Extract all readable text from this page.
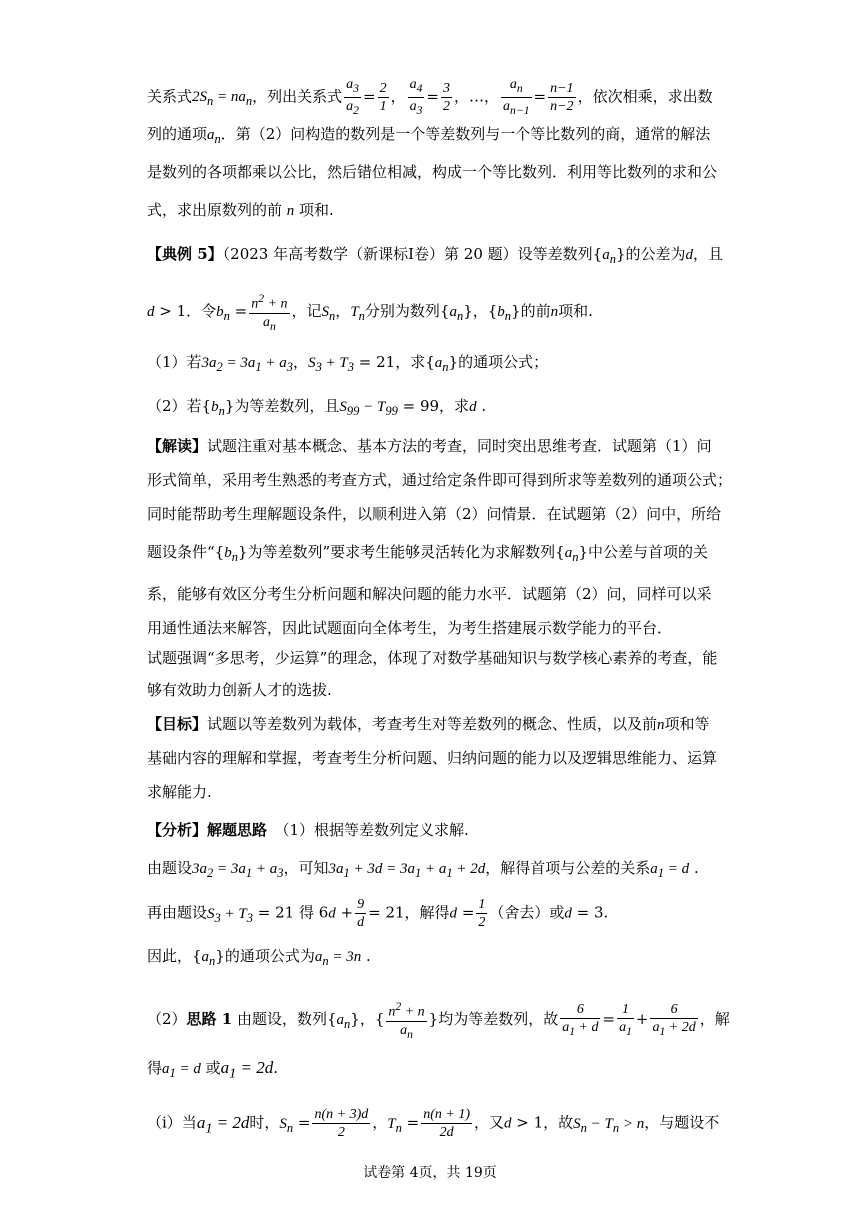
关系式$2S_n = na_n$，列出关系式 $\frac{a_3}{a_2} = \frac{2}{1}$ ， $\frac{a_4}{a_3} = \frac{3}{2}$ ，…， $\frac{a_n}{a_{n-1}} = \frac{n-1}{n-2}$ ，依次相乘，求出数
列的通项$a_n$．第（2）问构造的数列是一个等差数列与一个等比数列的商，通常的解法
是数列的各项都乘以公比，然后错位相减，构成一个等比数列．利用等比数列的求和公
式，求出原数列的前 n 项和.
【典例 5】（2023 年高考数学（新课标Ⅰ卷）第 20 题）设等差数列$\{a_n\}$的公差为d，且
d > 1．令$b_n = \frac{n^2 + n}{a_n}$ ，记$S_n$，$T_n$分别为数列$\{a_n\}$，$\{b_n\}$的前n项和.
（1）若$3a_2 = 3a_1 + a_3$，$S_3 + T_3 = 21$，求$\{a_n\}$的通项公式；
（2）若$\{b_n\}$为等差数列，且$S_{99} - T_{99} = 99$，求d .
【解读】试题注重对基本概念、基本方法的考查，同时突出思维考查．试题第（1）问
形式简单，采用考生熟悉的考查方式，通过给定条件即可得到所求等差数列的通项公式；
同时能帮助考生理解题设条件，以顺利进入第（2）问情景．在试题第（2）问中，所给
题设条件“$\{b_n\}$为等差数列”要求考生能够灵活转化为求解数列$\{a_n\}$中公差与首项的关
系，能够有效区分考生分析问题和解决问题的能力水平．试题第（2）问，同样可以采
用通性通法来解答，因此试题面向全体考生，为考生搭建展示数学能力的平台．
试题强调“多思考，少运算”的理念，体现了对数学基础知识与数学核心素养的考查，能
够有效助力创新人才的选拔.
【目标】试题以等差数列为载体，考查考生对等差数列的概念、性质，以及前n项和等
基础内容的理解和掌握，考查考生分析问题、归纳问题的能力以及逻辑思维能力、运算
求解能力.
【分析】解题思路　（1）根据等差数列定义求解.
由题设$3a_2 = 3a_1 + a_3$，可知$3a_1 + 3d = 3a_1 + a_1 + 2d$，解得首项与公差的关系$a_1 = d$ .
再由题设$S_3 + T_3 = 21$ 得 $6d + \frac{9}{d} = 21$，解得$d = \frac{1}{2}$ （舍去）或d = 3.
因此，$\{a_n\}$的通项公式为$a_n = 3n$ .
（2）思路 1 由题设，数列$\{a_n\}$，{ $\frac{n^2 + n}{a_n}$ }均为等差数列，故 $\frac{6}{a_1 + d} = \frac{1}{a_1} + \frac{6}{a_1 + 2d}$ ，解
得$a_1 = d$ 或$a_1 = 2d$.
（ⅰ）当$a_1 = 2d$时，$S_n = \frac{n(n + 3)d}{2}$ ，$T_n = \frac{n(n + 1)}{2d}$ ，又d > 1，故$S_n - T_n > n$，与题设不
试卷第 4页，共 19页
